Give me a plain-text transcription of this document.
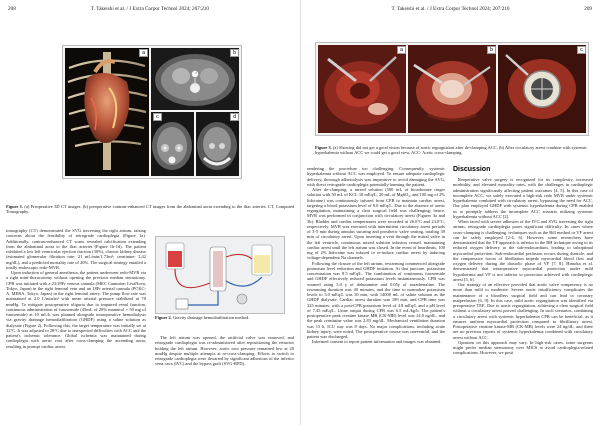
208	T. Takeishi et al. / J Extra Corpor Technol 2024; 207:210
a	b
c	d
Figure 1. (a) Preoperative 3D CT images. (b) preoperative contrast-enhanced CT images from the abdominal aorta extending to the iliac arteries. CT, Computed Tomography.

tomography (CT) demonstrated the SVG traversing the right atrium, raising concerns about the feasibility of retrograde cardioplegia (Figure 1a). Additionally, contrast-enhanced CT scans revealed calcification extending from the abdominal aorta to the iliac arteries (Figure 1b-1d). The patient exhibited a low left ventricular ejection fraction (30%), chronic kidney disease (estimated glomerular filtration rate: 21 mL/min/1.73m²; creatinine: 2.42 mg/dL), and a predicted mortality rate of 20%. The surgical strategy entailed a totally endoscopic redo-MVR.

Upon induction of general anesthesia, the patient underwent redo-MVR via a right mini-thoracotomy without opening the previous median sternotomy. CPB was initiated with a 23/29Fr venous cannula (MEC Cannulae; LivaNova, Tokyo, Japan) in the right femoral vein and an 18Fr arterial cannula (PCKC-A, MERA, Tokyo, Japan) in the right femoral artery. The pump flow rate was maintained at 2.0 L/min/m² with mean arterial pressure stabilized at 70 mmHg. To mitigate postoperative oliguria due to impaired renal function, continuous administration of furosemide (45mL of 20% mannitol + 50 mg of furosemide) at 10 mL/h was planned alongside intraoperative hemodialysis via gravity drainage hemodiafiltration (GHDF) using a saline solution as dialysate (Figure 2). Following this, the target temperature was initially set at 32°C. It was adjusted to 28°C due to unexpected difficulties with ACC and the patient's ischemic tolerance. Global ischemia was maintained during cardioplegia with aortic root after cross-clamping the ascending aorta, resulting in prompt cardiac arrest.

Figure 2. Gravity drainage hemodiafiltration method.

The left atrium was opened, the artificial valve was removed, and retrograde cardioplegia was re-administered after repositioning the retractor holding the left atrium. However, aortic root pressure remained low at 20 mmHg despite multiple attempts at re-cross-clamping. Efforts to switch to retrograde cardioplegia were thwarted by significant adhesions of the inferior vena cava (IVC) and the bypass graft (SVG-RPD),

T. Takeishi et al. / J Extra Corpor Technol 2024; 207:210	209
a	b	c
Figure 3. (a) Showing did not get a good vision because of aortic regurgitation after de-clamping ACC. (b) After circulatory arrest combine with systemic hyperkalemia without ACC we could get a good view. ACC: Aortic cross-clamping.

rendering the procedure too challenging. Consequently, systemic hyperkalemia without ACC was employed. To ensure adequate cardioplegic delivery, thorough adhesiolysis was imperative to avoid damaging the SVG, with direct retrograde cardioplegia potentially harming the patient.

After de-clamping, a mixed solution (500 mL of bicarbonate ringer solution with 50 mL of KCL 10 mEq/L, 20 mL of MgSO₄, and 100 mg of 2% lidocaine) was continuously infused from CPB to maintain cardiac arrest, targeting a blood potassium level of 9.0 mEq/L. Due to the absence of aortic regurgitation, maintaining a clear surgical field was challenging; hence, MVR was performed in conjunction with circulatory arrest (Figures 3a and 3b). Bladder and cardiac temperatures were recorded at 26.0°C and 23.0°C, respectively. MVR was executed with intermittent circulatory arrest periods of 3-5 min during annulus suturing and prosthetic valve seating, totaling 39 min of circulatory arrest. Upon inserting a vent through the mitral valve in the left ventricle, continuous mixed solution infusion ceased, maintaining cardiac arrest until the left atrium was closed. In the event of heartbeats, 100 mg of 2% lidocaine was infused to re-induce cardiac arrest by inducing voltage-dependent Na channels.

Following the closure of the left atrium, rewarming commenced alongside potassium level reduction and GHDF initiation. At that juncture, potassium concentration was 8.5 mEq/L. The combination of continuous furosemide and GHDF effectively reduced potassium levels instantaneously. CPB was weaned using 3.0 γ of dobutamine and 0.05γ of noradrenaline. The rewarming duration was 40 minutes, and the time to normalize potassium levels to 5.0 mEq/L was 30 min, with 14000 mL of saline solution as the GHDF dialysate. Cardiac arrest duration was 189 min, and CPB time was 325 minutes, with a post-CPB potassium level of 4.8 mEq/L and a pH level of 7.45 mEq/L. Urine output during CPB was 6.5 mL/kg/h. The patient's postoperative peak creatine kinase MB (CK-MB) level was 24.0 ng/dL, and the peak creatinine value was 2.83 mg/dL. Mechanical ventilation duration was 15 h, ICU stay was 8 days. No major complications, including acute kidney injury, were noted. The postoperative course was uneventful, and the patient was discharged.

Informed consent to report patient information and images was obtained.

Discussion

Reoperative valve surgery is recognized for its complexity, increased morbidity, and elevated mortality rates, with the challenges in cardioplegic administration significantly affecting patient outcomes [4, 5]. In this case of incomplete ACC, we safely executed a high-risk redo MVR under systemic hyperkalemia combined with circulatory arrest, bypassing the need for ACC. Our plan employed GHDF with systemic hyperkalemia during CPB enabled us to promptly address the incomplete ACC scenario utilizing systemic hyperkalemia without ACC [2].

When faced with severe adhesion of the IVC and SVG traversing the right atrium, retrograde cardioplegia poses significant difficulty. In cases where cross-clamping is challenging, techniques such as the Bill method or VF arrest can be safely employed [2-4, 6]. However, some researchers have demonstrated that the VF approach is inferior to the BH technique owing to its reduced oxygen delivery to the sub-endocardium, leading to suboptimal myocardial protection. Sub-endocardial perfusion occurs during diastole, and the compressive forces of fibrillation impede myocardial blood flow and oxygen delivery during the diastolic phase of VF [7, 8]. Hiraoka et al. demonstrated that intraoperative myocardial protection under mild hypothermia and VF is not inferior to protection achieved with cardioplegic arrest [5, 6].

Our strategy of an effective provided that aortic valve competency is no more than mild to moderate. Severe aortic insufficiency complicates the maintenance of a bloodless surgical field and can lead to coronary malperfusion [6, 9]. In this case, mild aortic regurgitation was identified via preoperative TEE. Due to aortic regurgitation, achieving a clear surgical field without a circulatory arrest proved challenging. In such scenarios, combining a circulatory arrest with systemic hyperkalemia CPB can be beneficial, as it ensures uniform myocardial protection compared to fibrillatory arrest. Postoperative creatine kinase-MB (CK-MB) levels were 24 ng/dL, and there are no previous reports of systemic hyperkalemia combined with circulatory arrest without ACC.

Opinions on this approach may vary. In high-risk cases, some surgeons might prefer median sternotomy over MICS to avoid cardioplegia-related complications. However, we posit
